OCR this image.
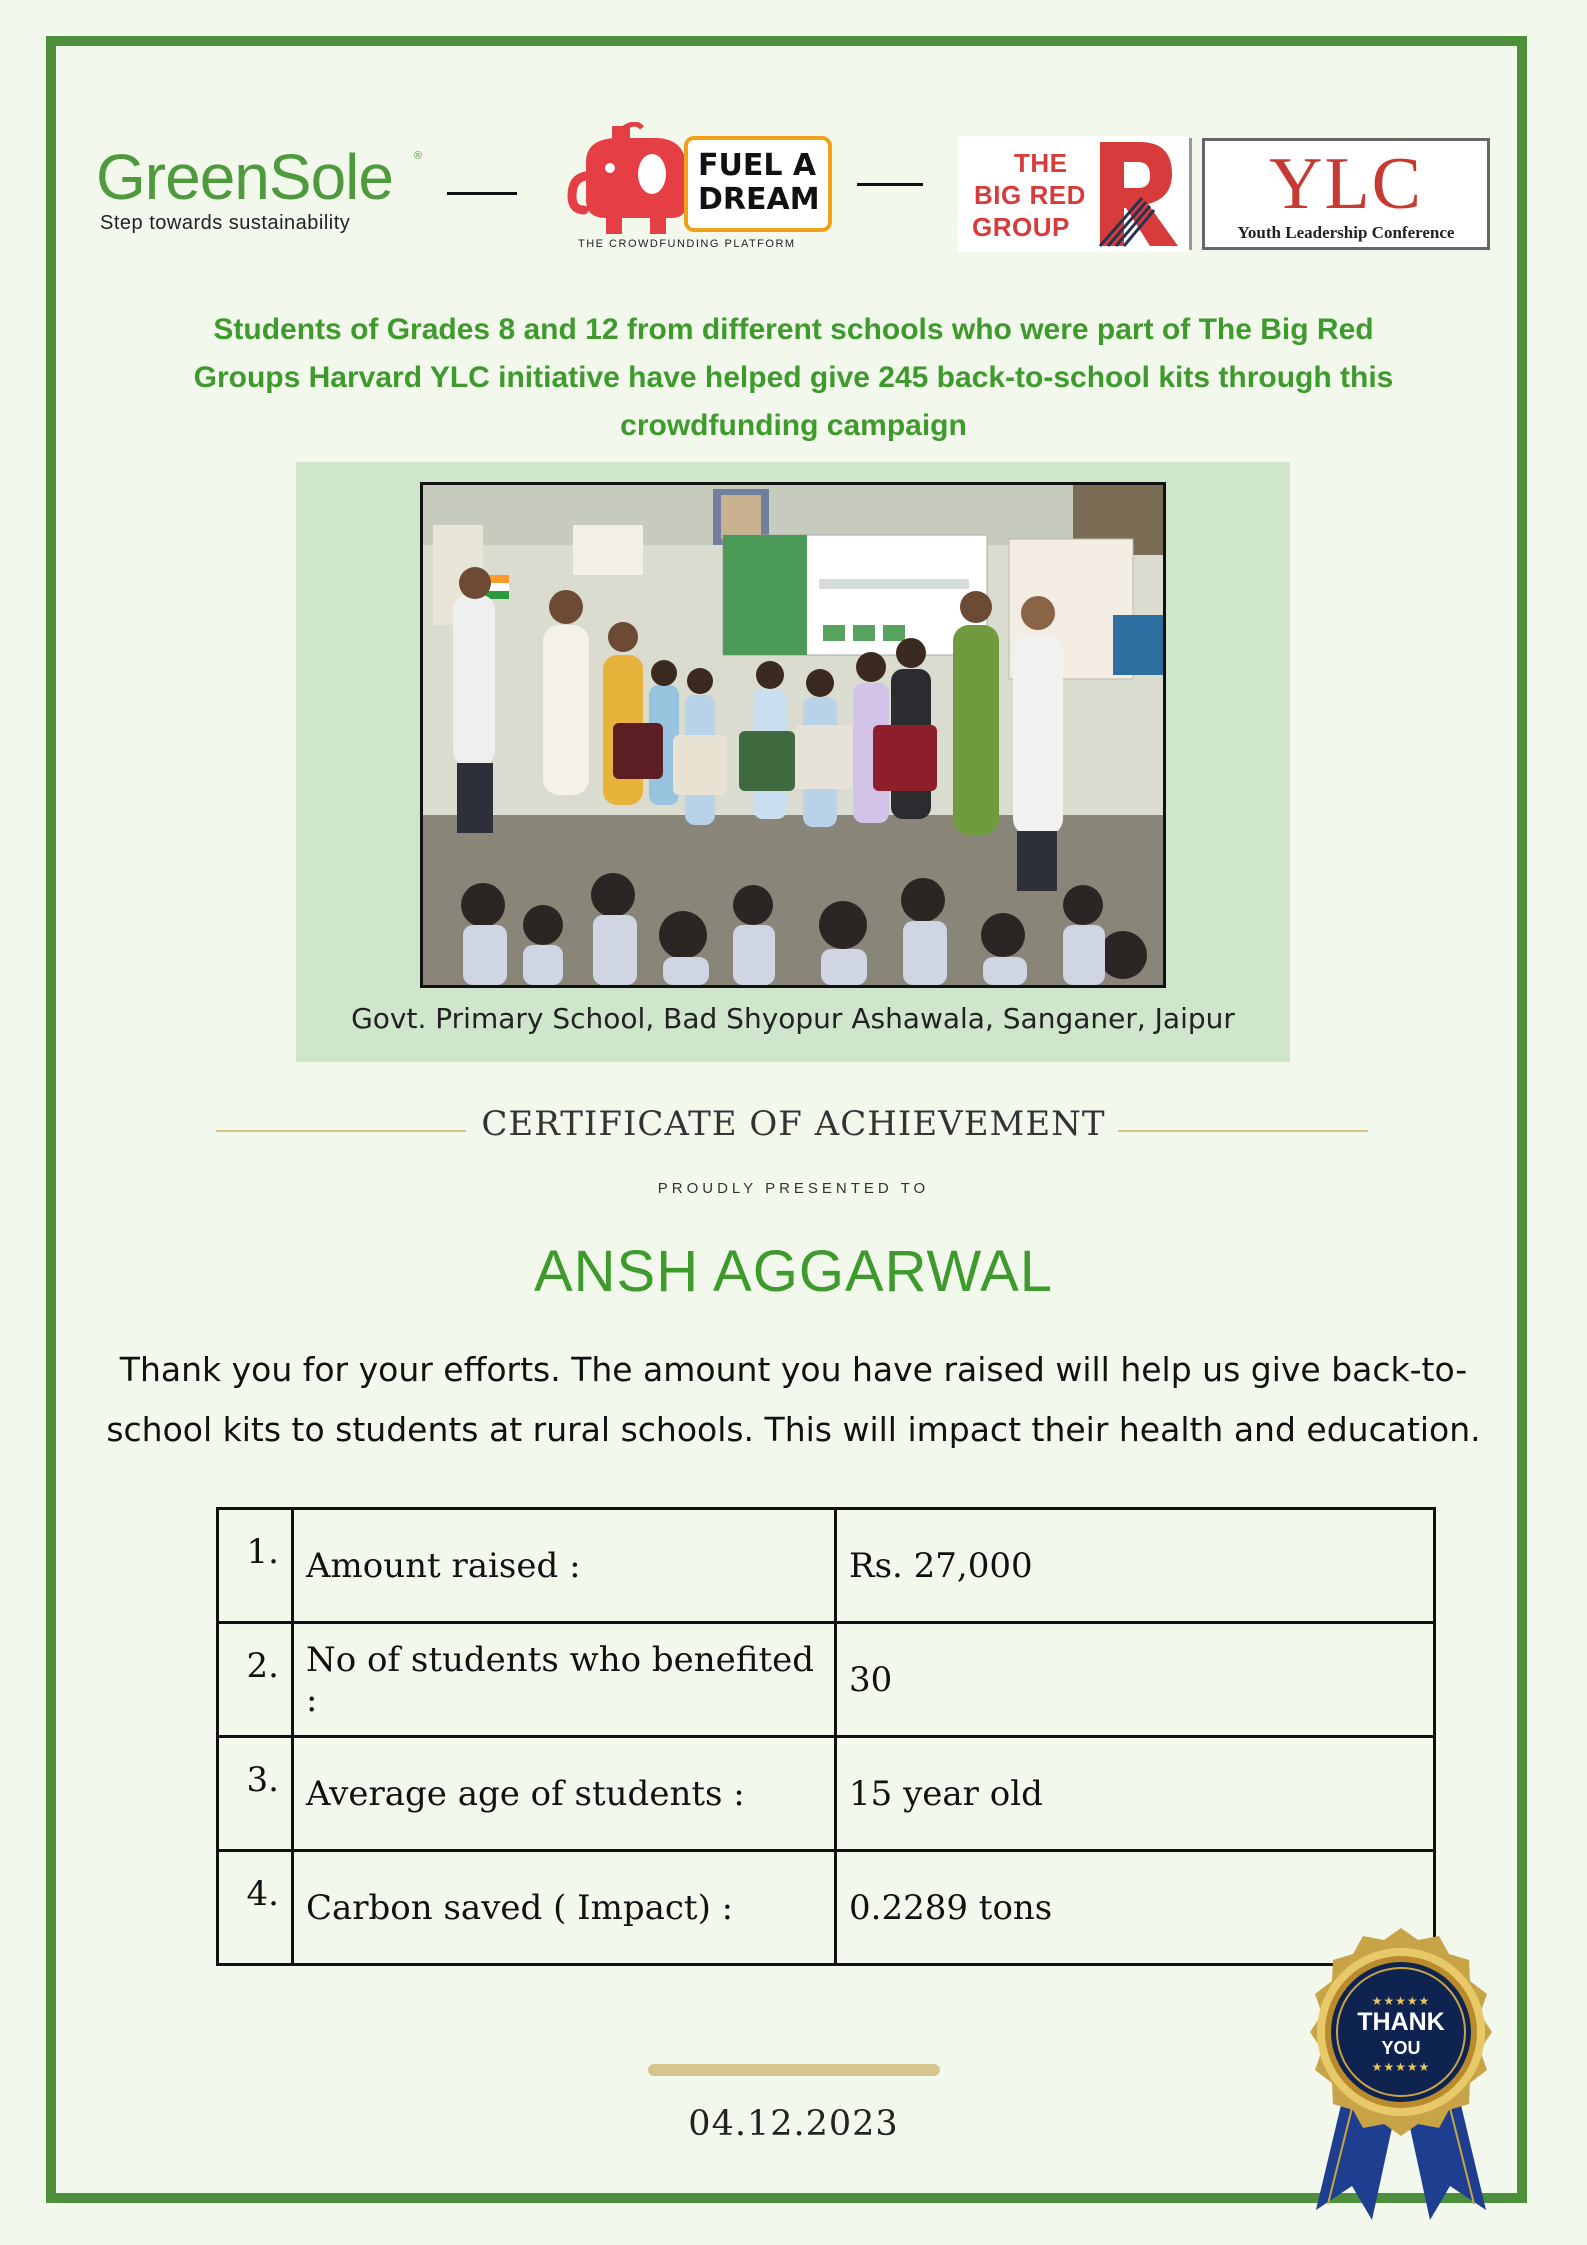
GreenSole ®
Step towards sustainability
FUEL A
DREAM
THE CROWDFUNDING PLATFORM
THE
BIG RED
GROUP
YLC
Youth Leadership Conference
Students of Grades 8 and 12 from different schools who were part of The Big Red
Groups Harvard YLC initiative have helped give 245 back-to-school kits through this
crowdfunding campaign
Govt. Primary School, Bad Shyopur Ashawala, Sanganer, Jaipur
CERTIFICATE OF ACHIEVEMENT
PROUDLY PRESENTED TO
ANSH AGGARWAL
Thank you for your efforts. The amount you have raised will help us give back-to-
school kits to students at rural schools. This will impact their health and education.
1.	Amount raised :	Rs. 27,000
2.	No of students who benefited :	30
3.	Average age of students :	15 year old
4.	Carbon saved ( Impact) :	0.2289 tons
★★★★★
THANK
YOU
★★★★★
04.12.2023
